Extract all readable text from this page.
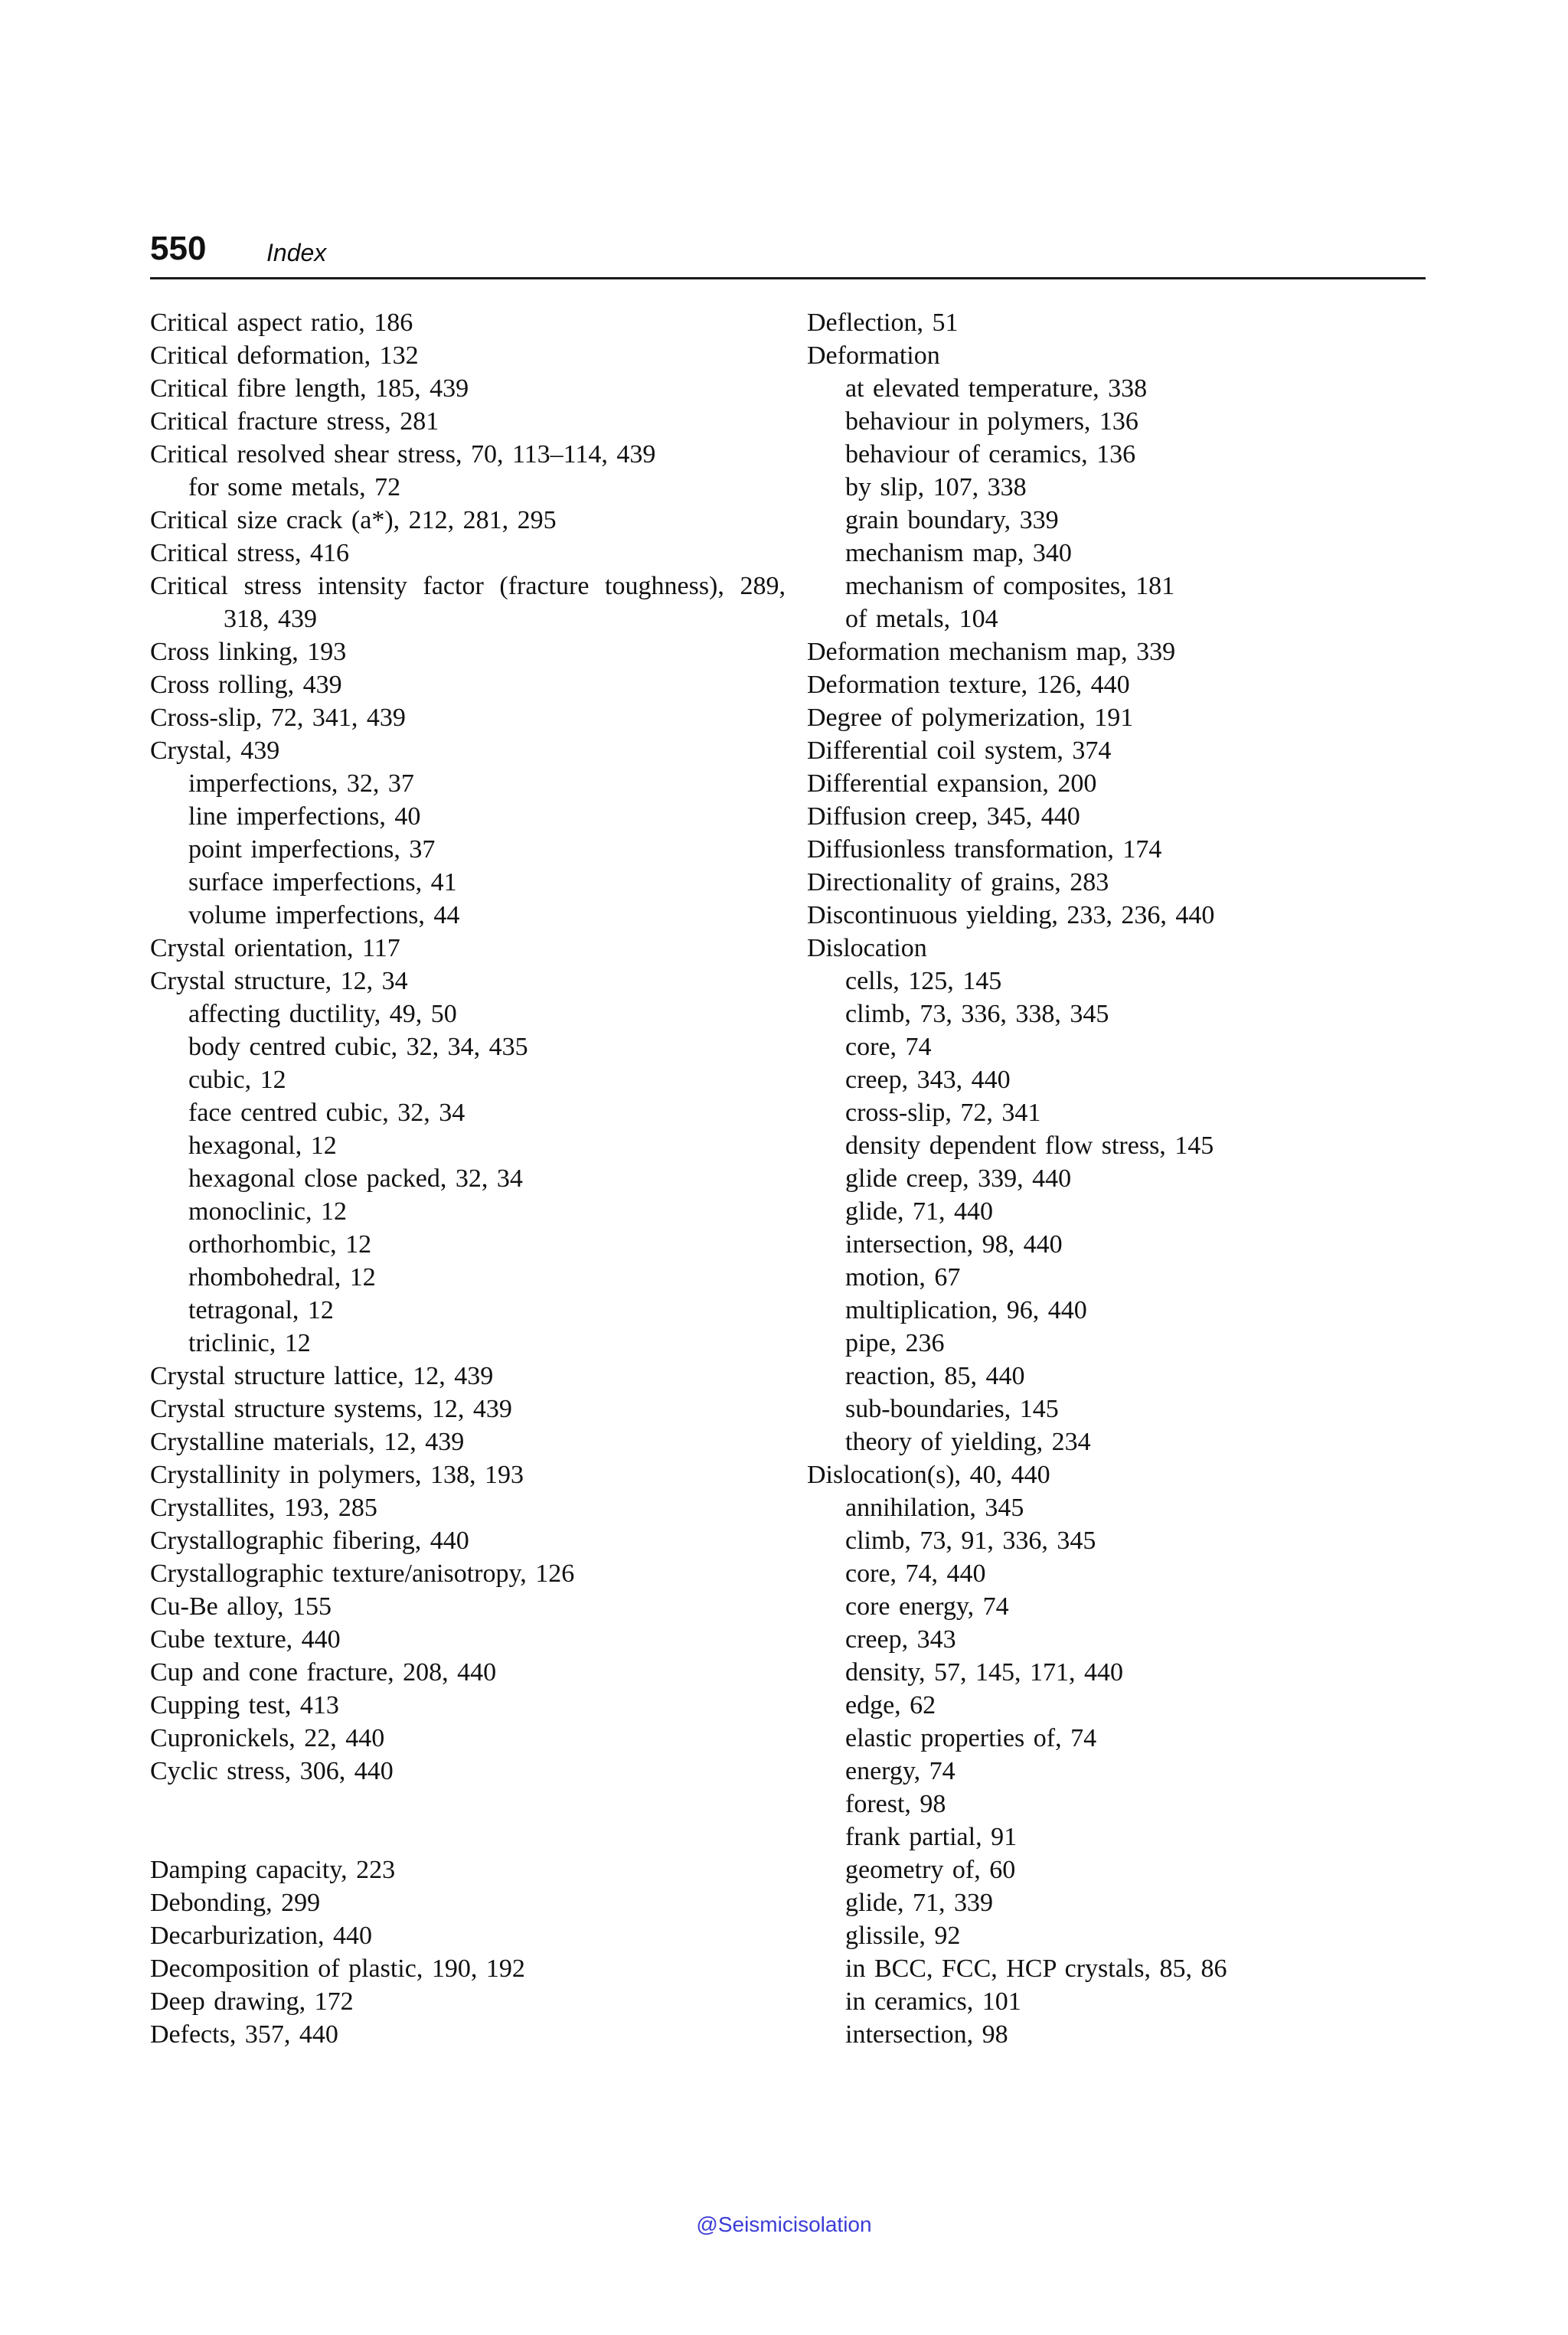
550 Index
Critical aspect ratio, 186
Critical deformation, 132
Critical fibre length, 185, 439
Critical fracture stress, 281
Critical resolved shear stress, 70, 113–114, 439
for some metals, 72
Critical size crack (a*), 212, 281, 295
Critical stress, 416
Critical stress intensity factor (fracture toughness), 289, 318, 439
Cross linking, 193
Cross rolling, 439
Cross-slip, 72, 341, 439
Crystal, 439
imperfections, 32, 37
line imperfections, 40
point imperfections, 37
surface imperfections, 41
volume imperfections, 44
Crystal orientation, 117
Crystal structure, 12, 34
affecting ductility, 49, 50
body centred cubic, 32, 34, 435
cubic, 12
face centred cubic, 32, 34
hexagonal, 12
hexagonal close packed, 32, 34
monoclinic, 12
orthorhombic, 12
rhombohedral, 12
tetragonal, 12
triclinic, 12
Crystal structure lattice, 12, 439
Crystal structure systems, 12, 439
Crystalline materials, 12, 439
Crystallinity in polymers, 138, 193
Crystallites, 193, 285
Crystallographic fibering, 440
Crystallographic texture/anisotropy, 126
Cu-Be alloy, 155
Cube texture, 440
Cup and cone fracture, 208, 440
Cupping test, 413
Cupronickels, 22, 440
Cyclic stress, 306, 440
Damping capacity, 223
Debonding, 299
Decarburization, 440
Decomposition of plastic, 190, 192
Deep drawing, 172
Defects, 357, 440
Deflection, 51
Deformation
at elevated temperature, 338
behaviour in polymers, 136
behaviour of ceramics, 136
by slip, 107, 338
grain boundary, 339
mechanism map, 340
mechanism of composites, 181
of metals, 104
Deformation mechanism map, 339
Deformation texture, 126, 440
Degree of polymerization, 191
Differential coil system, 374
Differential expansion, 200
Diffusion creep, 345, 440
Diffusionless transformation, 174
Directionality of grains, 283
Discontinuous yielding, 233, 236, 440
Dislocation
cells, 125, 145
climb, 73, 336, 338, 345
core, 74
creep, 343, 440
cross-slip, 72, 341
density dependent flow stress, 145
glide creep, 339, 440
glide, 71, 440
intersection, 98, 440
motion, 67
multiplication, 96, 440
pipe, 236
reaction, 85, 440
sub-boundaries, 145
theory of yielding, 234
Dislocation(s), 40, 440
annihilation, 345
climb, 73, 91, 336, 345
core, 74, 440
core energy, 74
creep, 343
density, 57, 145, 171, 440
edge, 62
elastic properties of, 74
energy, 74
forest, 98
frank partial, 91
geometry of, 60
glide, 71, 339
glissile, 92
in BCC, FCC, HCP crystals, 85, 86
in ceramics, 101
intersection, 98
@Seismicisolation
